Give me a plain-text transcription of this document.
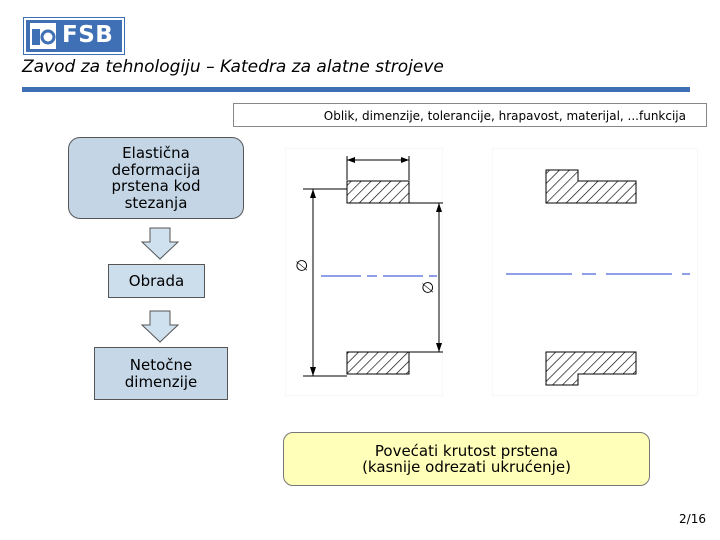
FSB
Zavod za tehnologiju – Katedra za alatne strojeve
Oblik, dimenzije, tolerancije, hrapavost, materijal, ...funkcija
Elastična deformacija prstena kod stezanja
Obrada
Netočne dimenzije
∅
∅
Povećati krutost prstena
(kasnije odrezati ukrućenje)
2/16
